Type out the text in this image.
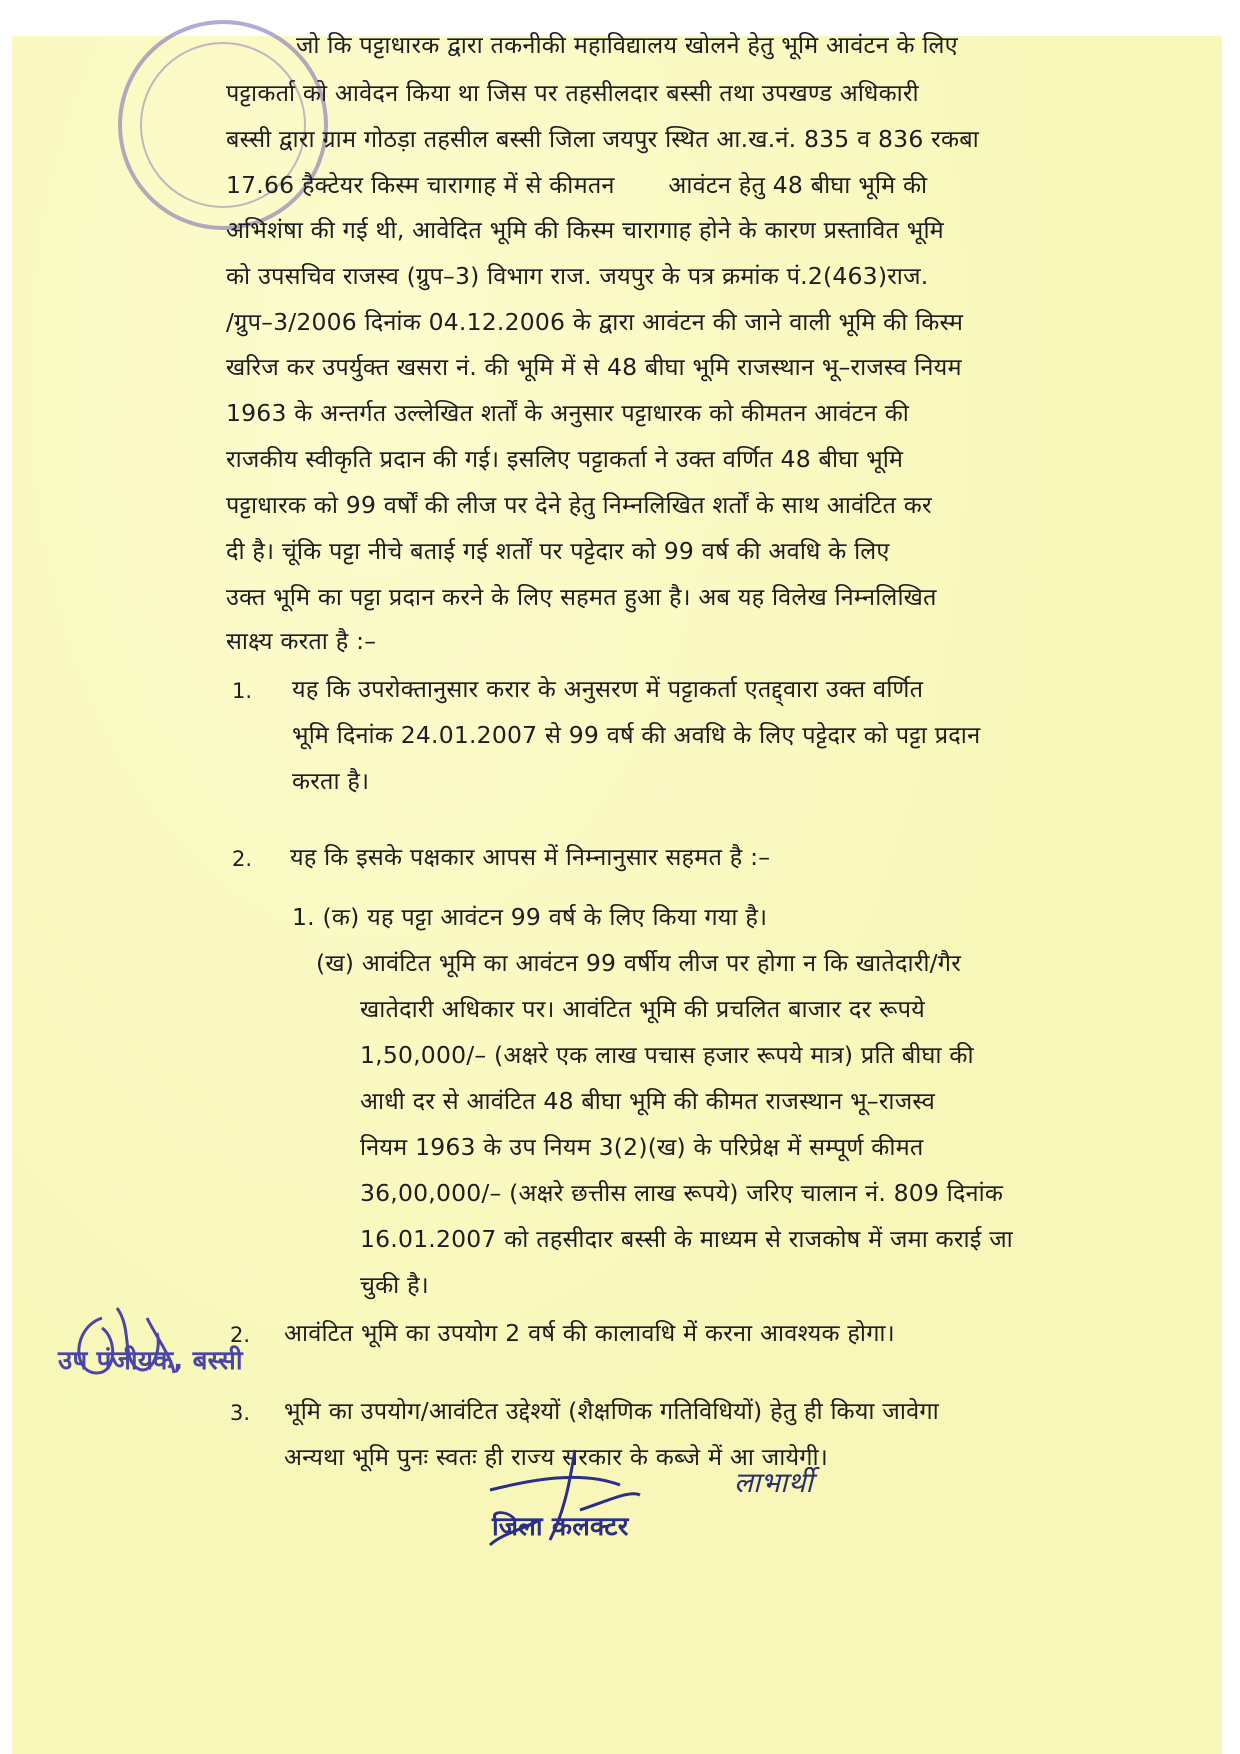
जो कि पट्टाधारक द्वारा तकनीकी महाविद्यालय खोलने हेतु भूमि आवंटन के लिए

पट्टाकर्ता को आवेदन किया था जिस पर तहसीलदार बस्सी तथा उपखण्ड अधिकारी

बस्सी द्वारा ग्राम गोठड़ा तहसील बस्सी जिला जयपुर स्थित आ.ख.नं. 835 व 836 रकबा

17.66 हैक्टेयर किस्म चारागाह में से कीमतन       आवंटन हेतु 48 बीघा भूमि की

अभिशंषा की गई थी, आवेदित भूमि की किस्म चारागाह होने के कारण प्रस्तावित भूमि

को उपसचिव राजस्व (ग्रुप–3) विभाग राज. जयपुर के पत्र क्रमांक पं.2(463)राज.

/ग्रुप–3/2006 दिनांक 04.12.2006 के द्वारा आवंटन की जाने वाली भूमि की किस्म

खरिज कर उपर्युक्त खसरा नं. की भूमि में से 48 बीघा भूमि राजस्थान भू–राजस्व नियम

1963 के अन्तर्गत उल्लेखित शर्तों के अनुसार पट्टाधारक को कीमतन आवंटन की

राजकीय स्वीकृति प्रदान की गई। इसलिए पट्टाकर्ता ने उक्त वर्णित 48 बीघा भूमि

पट्टाधारक को 99 वर्षों की लीज पर देने हेतु निम्नलिखित शर्तों के साथ आवंटित कर

दी है। चूंकि पट्टा नीचे बताई गई शर्तों पर पट्टेदार को 99 वर्ष की अवधि के लिए

उक्त भूमि का पट्टा प्रदान करने के लिए सहमत हुआ है। अब यह विलेख निम्नलिखित

साक्ष्य करता है :–

1. यह कि उपरोक्तानुसार करार के अनुसरण में पट्टाकर्ता एतद्द्वारा उक्त वर्णित

भूमि दिनांक 24.01.2007 से 99 वर्ष की अवधि के लिए पट्टेदार को पट्टा प्रदान

करता है।

2. यह कि इसके पक्षकार आपस में निम्नानुसार सहमत है :–

1. (क) यह पट्टा आवंटन 99 वर्ष के लिए किया गया है।

(ख) आवंटित भूमि का आवंटन 99 वर्षीय लीज पर होगा न कि खातेदारी/गैर

खातेदारी अधिकार पर। आवंटित भूमि की प्रचलित बाजार दर रूपये

1,50,000/– (अक्षरे एक लाख पचास हजार रूपये मात्र) प्रति बीघा की

आधी दर से आवंटित 48 बीघा भूमि की कीमत राजस्थान भू–राजस्व

नियम 1963 के उप नियम 3(2)(ख) के परिप्रेक्ष में सम्पूर्ण कीमत

36,00,000/– (अक्षरे छत्तीस लाख रूपये) जरिए चालान नं. 809 दिनांक

16.01.2007 को तहसीदार बस्सी के माध्यम से राजकोष में जमा कराई जा

चुकी है।

2. आवंटित भूमि का उपयोग 2 वर्ष की कालावधि में करना आवश्यक होगा।

3. भूमि का उपयोग/आवंटित उद्देश्यों (शैक्षणिक गतिविधियों) हेतु ही किया जावेगा

अन्यथा भूमि पुनः स्वतः ही राज्य सरकार के कब्जे में आ जायेगी।

उप पंजीयक, बस्सी
जिला कलक्टर
लाभार्थी
